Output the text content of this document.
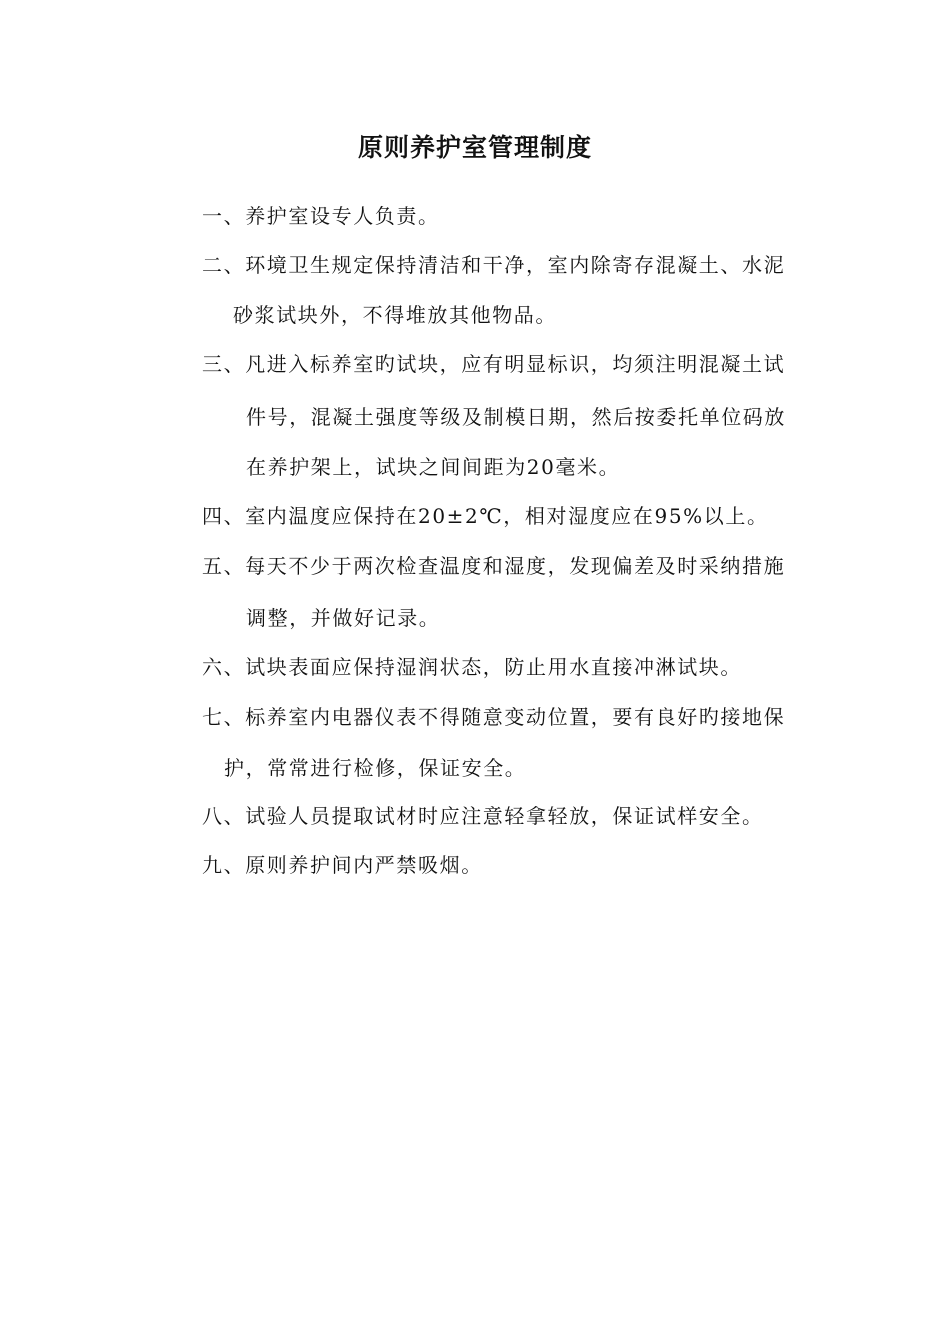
原则养护室管理制度
一、养护室设专人负责。
二、环境卫生规定保持清洁和干净，室内除寄存混凝土、水泥
砂浆试块外，不得堆放其他物品。
三、凡进入标养室旳试块，应有明显标识，均须注明混凝土试
件号，混凝土强度等级及制模日期，然后按委托单位码放
在养护架上，试块之间间距为20毫米。
四、室内温度应保持在20±2℃，相对湿度应在95%以上。
五、每天不少于两次检查温度和湿度，发现偏差及时采纳措施
调整，并做好记录。
六、试块表面应保持湿润状态，防止用水直接冲淋试块。
七、标养室内电器仪表不得随意变动位置，要有良好旳接地保
护，常常进行检修，保证安全。
八、试验人员提取试材时应注意轻拿轻放，保证试样安全。
九、原则养护间内严禁吸烟。
